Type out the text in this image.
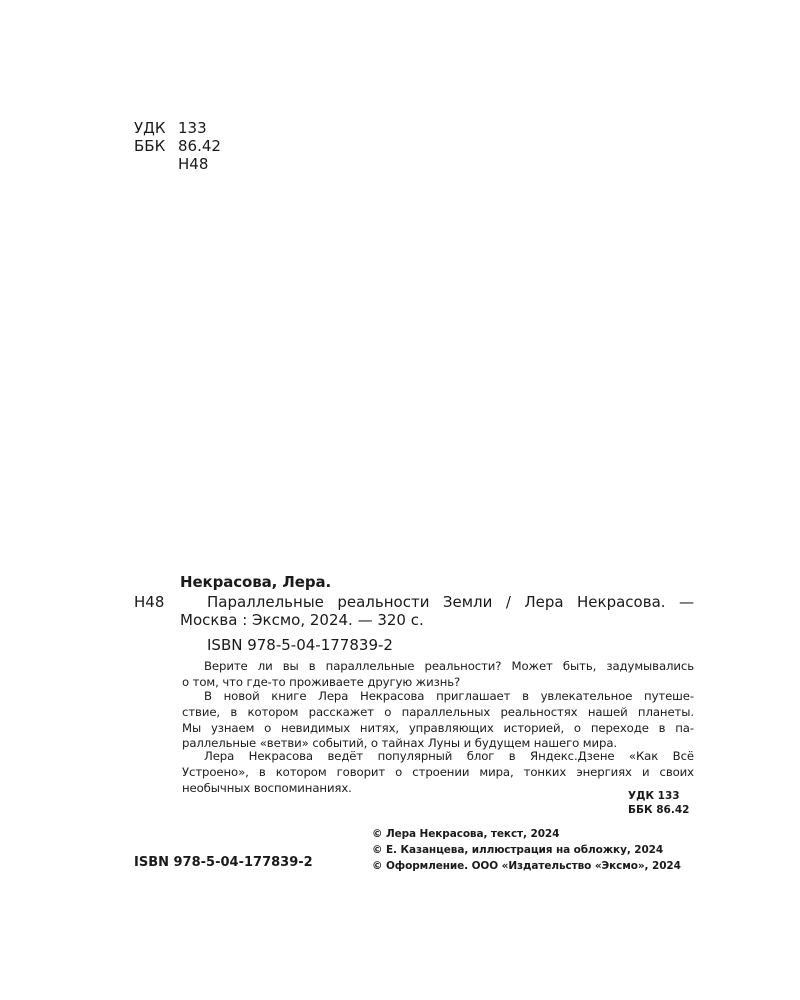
УДК 133
ББК 86.42
Н48
Некрасова, Лера.
Н48	Параллельные  реальности  Земли  /  Лера  Некрасова.  —
Москва : Эксмо, 2024. — 320 с.
ISBN 978-5-04-177839-2
Верите ли вы в параллельные реальности? Может быть, задумывались
о том, что где-то проживаете другую жизнь?
В новой книге Лера Некрасова приглашает в увлекательное путеше-
ствие, в котором расскажет о параллельных реальностях нашей планеты.
Мы узнаем о невидимых нитях, управляющих историей, о переходе в па-
раллельные «ветви» событий, о тайнах Луны и будущем нашего мира.
Лера Некрасова ведёт популярный блог в Яндекс.Дзене «Как Всё
Устроено», в котором говорит о строении мира, тонких энергиях и своих
необычных воспоминаниях.
УДК 133
ББК 86.42
© Лера Некрасова, текст, 2024
© Е. Казанцева, иллюстрация на обложку, 2024
© Оформление. ООО «Издательство «Эксмо», 2024
ISBN 978-5-04-177839-2
